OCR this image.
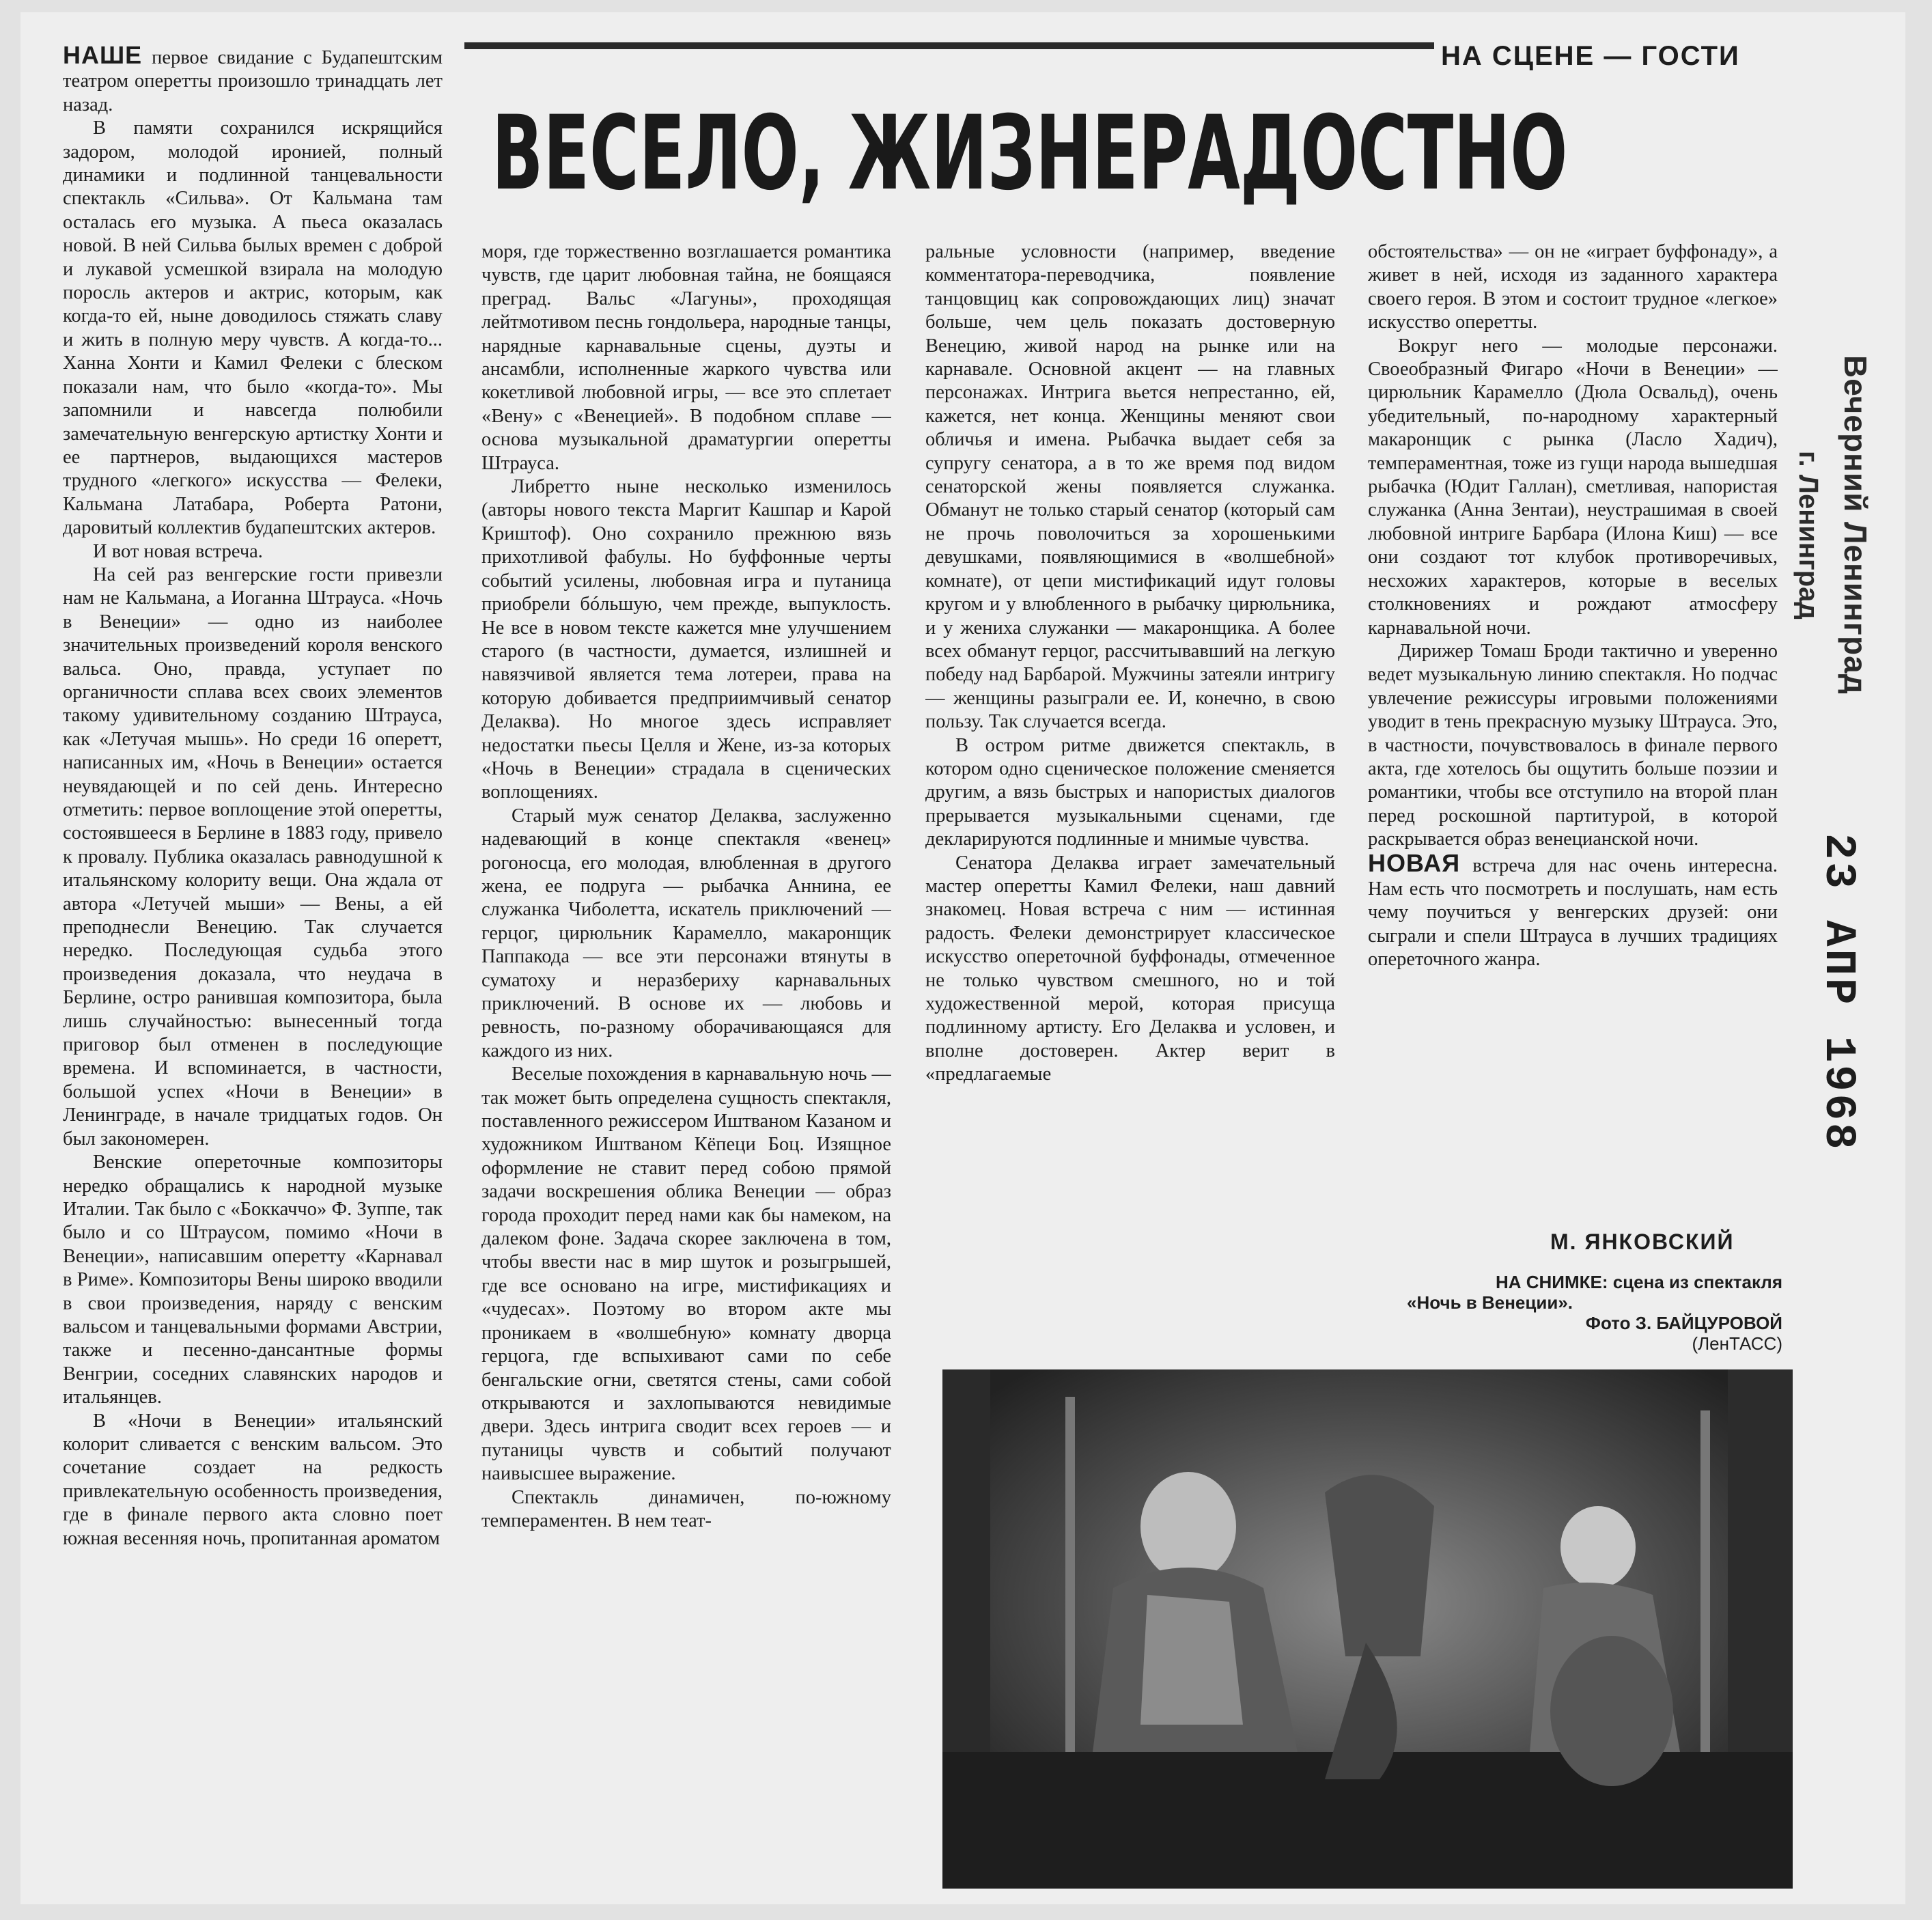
НА СЦЕНЕ — ГОСТИ
ВЕСЕЛО, ЖИЗНЕРАДОСТНО
Вечерний Ленинград
г. Ленинград
23 АПР 1968

НАШЕ первое свидание с Будапештским театром оперетты произошло тринадцать лет назад.

В памяти сохранился искрящийся задором, молодой иронией, полный динамики и подлинной танцевальности спектакль «Сильва». От Кальмана там осталась его музыка. А пьеса оказалась новой. В ней Сильва былых времен с доброй и лукавой усмешкой взирала на молодую поросль актеров и актрис, которым, как когда-то ей, ныне доводилось стяжать славу и жить в полную меру чувств. А когда-то... Ханна Хонти и Камил Фелеки с блеском показали нам, что было «когда-то». Мы запомнили и навсегда полюбили замечательную венгерскую артистку Хонти и ее партнеров, выдающихся мастеров трудного «легкого» искусства — Фелеки, Кальмана Латабара, Роберта Ратони, даровитый коллектив будапештских актеров.

И вот новая встреча.

На сей раз венгерские гости привезли нам не Кальмана, а Иоганна Штрауса. «Ночь в Венеции» — одно из наиболее значительных произведений короля венского вальса. Оно, правда, уступает по органичности сплава всех своих элементов такому удивительному созданию Штрауса, как «Летучая мышь». Но среди 16 оперетт, написанных им, «Ночь в Венеции» остается неувядающей и по сей день. Интересно отметить: первое воплощение этой оперетты, состоявшееся в Берлине в 1883 году, привело к провалу. Публика оказалась равнодушной к итальянскому колориту вещи. Она ждала от автора «Летучей мыши» — Вены, а ей преподнесли Венецию. Так случается нередко. Последующая судьба этого произведения доказала, что неудача в Берлине, остро ранившая композитора, была лишь случайностью: вынесенный тогда приговор был отменен в последующие времена. И вспоминается, в частности, большой успех «Ночи в Венеции» в Ленинграде, в начале тридцатых годов. Он был закономерен.

Венские опереточные композиторы нередко обращались к народной музыке Италии. Так было с «Боккаччо» Ф. Зуппе, так было и со Штраусом, помимо «Ночи в Венеции», написавшим оперетту «Карнавал в Риме». Композиторы Вены широко вводили в свои произведения, наряду с венским вальсом и танцевальными формами Австрии, также и песенно-дансантные формы Венгрии, соседних славянских народов и итальянцев.

В «Ночи в Венеции» итальянский колорит сливается с венским вальсом. Это сочетание создает на редкость привлекательную особенность произведения, где в финале первого акта словно поет южная весенняя ночь, пропитанная ароматом

моря, где торжественно возглашается романтика чувств, где царит любовная тайна, не боящаяся преград. Вальс «Лагуны», проходящая лейтмотивом песнь гондольера, народные танцы, нарядные карнавальные сцены, дуэты и ансамбли, исполненные жаркого чувства или кокетливой любовной игры, — все это сплетает «Вену» с «Венецией». В подобном сплаве — основа музыкальной драматургии оперетты Штрауса.

Либретто ныне несколько изменилось (авторы нового текста Маргит Кашпар и Карой Криштоф). Оно сохранило прежнюю вязь прихотливой фабулы. Но буффонные черты событий усилены, любовная игра и путаница приобрели бóльшую, чем прежде, выпуклость. Не все в новом тексте кажется мне улучшением старого (в частности, думается, излишней и навязчивой является тема лотереи, права на которую добивается предприимчивый сенатор Делаква). Но многое здесь исправляет недостатки пьесы Целля и Жене, из-за которых «Ночь в Венеции» страдала в сценических воплощениях.

Старый муж сенатор Делаква, заслуженно надевающий в конце спектакля «венец» рогоносца, его молодая, влюбленная в другого жена, ее подруга — рыбачка Аннина, ее служанка Чиболетта, искатель приключений — герцог, цирюльник Карамелло, макаронщик Паппакода — все эти персонажи втянуты в суматоху и неразбериху карнавальных приключений. В основе их — любовь и ревность, по-разному оборачивающаяся для каждого из них.

Веселые похождения в карнавальную ночь — так может быть определена сущность спектакля, поставленного режиссером Иштваном Казаном и художником Иштваном Кёпеци Боц. Изящное оформление не ставит перед собою прямой задачи воскрешения облика Венеции — образ города проходит перед нами как бы намеком, на далеком фоне. Задача скорее заключена в том, чтобы ввести нас в мир шуток и розыгрышей, где все основано на игре, мистификациях и «чудесах». Поэтому во втором акте мы проникаем в «волшебную» комнату дворца герцога, где вспыхивают сами по себе бенгальские огни, светятся стены, сами собой открываются и захлопываются невидимые двери. Здесь интрига сводит всех героев — и путаницы чувств и событий получают наивысшее выражение.

Спектакль динамичен, по-южному темпераментен. В нем теат-

ральные условности (например, введение комментатора-переводчика, появление танцовщиц как сопровождающих лиц) значат больше, чем цель показать достоверную Венецию, живой народ на рынке или на карнавале. Основной акцент — на главных персонажах. Интрига вьется непрестанно, ей, кажется, нет конца. Женщины меняют свои обличья и имена. Рыбачка выдает себя за супругу сенатора, а в то же время под видом сенаторской жены появляется служанка. Обманут не только старый сенатор (который сам не прочь поволочиться за хорошенькими девушками, появляющимися в «волшебной» комнате), от цепи мистификаций идут головы кругом и у влюбленного в рыбачку цирюльника, и у жениха служанки — макаронщика. А более всех обманут герцог, рассчитывавший на легкую победу над Барбарой. Мужчины затеяли интригу — женщины разыграли ее. И, конечно, в свою пользу. Так случается всегда.

В остром ритме движется спектакль, в котором одно сценическое положение сменяется другим, а вязь быстрых и напористых диалогов прерывается музыкальными сценами, где декларируются подлинные и мнимые чувства.

Сенатора Делаква играет замечательный мастер оперетты Камил Фелеки, наш давний знакомец. Новая встреча с ним — истинная радость. Фелеки демонстрирует классическое искусство опереточной буффонады, отмеченное не только чувством смешного, но и той художественной мерой, которая присуща подлинному артисту. Его Делаква и условен, и вполне достоверен. Актер верит в «предлагаемые

обстоятельства» — он не «играет буффонаду», а живет в ней, исходя из заданного характера своего героя. В этом и состоит трудное «легкое» искусство оперетты.

Вокруг него — молодые персонажи. Своеобразный Фигаро «Ночи в Венеции» — цирюльник Карамелло (Дюла Освальд), очень убедительный, по-народному характерный макаронщик с рынка (Ласло Хадич), темпераментная, тоже из гущи народа вышедшая рыбачка (Юдит Галлан), сметливая, напористая служанка (Анна Зентаи), неустрашимая в своей любовной интриге Барбара (Илона Киш) — все они создают тот клубок противоречивых, несхожих характеров, которые в веселых столкновениях и рождают атмосферу карнавальной ночи.

Дирижер Томаш Броди тактично и уверенно ведет музыкальную линию спектакля. Но подчас увлечение режиссуры игровыми положениями уводит в тень прекрасную музыку Штрауса. Это, в частности, почувствовалось в финале первого акта, где хотелось бы ощутить больше поэзии и романтики, чтобы все отступило на второй план перед роскошной партитурой, в которой раскрывается образ венецианской ночи.

НОВАЯ встреча для нас очень интересна. Нам есть что посмотреть и послушать, нам есть чему поучиться у венгерских друзей: они сыграли и спели Штрауса в лучших традициях опереточного жанра.

М. ЯНКОВСКИЙ
НА СНИМКЕ: сцена из спектакля
«Ночь в Венеции».
Фото З. БАЙЦУРОВОЙ
(ЛенТАСС)
